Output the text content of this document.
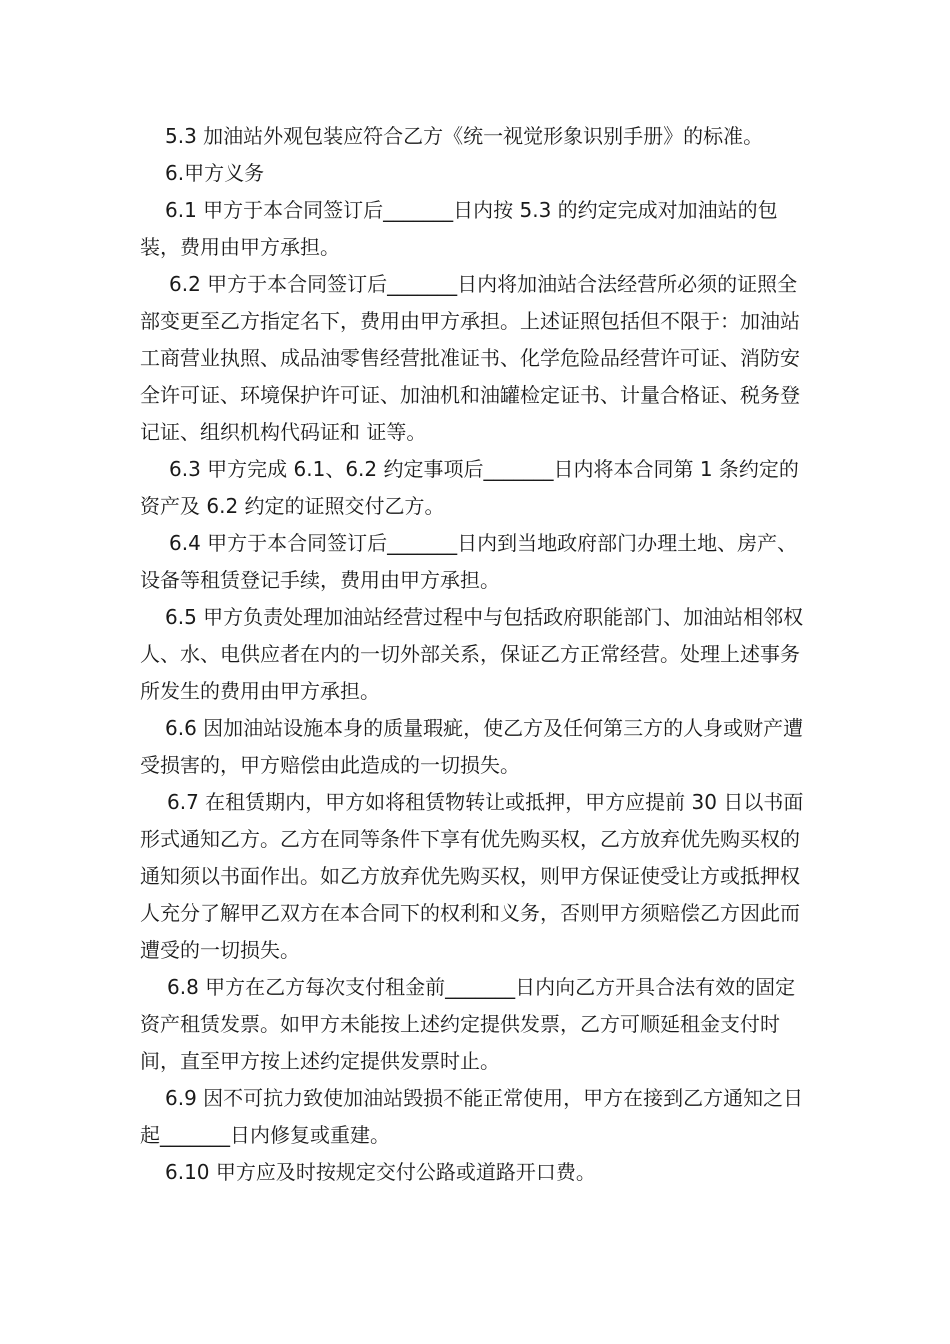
5.3 加油站外观包装应符合乙方《统一视觉形象识别手册》的标准。

6.甲方义务

6.1 甲方于本合同签订后_______日内按 5.3 的约定完成对加油站的包装，费用由甲方承担。

6.2 甲方于本合同签订后_______日内将加油站合法经营所必须的证照全部变更至乙方指定名下，费用由甲方承担。上述证照包括但不限于：加油站工商营业执照、成品油零售经营批准证书、化学危险品经营许可证、消防安全许可证、环境保护许可证、加油机和油罐检定证书、计量合格证、税务登记证、组织机构代码证和 证等。

6.3 甲方完成 6.1、6.2 约定事项后_______日内将本合同第 1 条约定的资产及 6.2 约定的证照交付乙方。

6.4 甲方于本合同签订后_______日内到当地政府部门办理土地、房产、设备等租赁登记手续，费用由甲方承担。

6.5 甲方负责处理加油站经营过程中与包括政府职能部门、加油站相邻权人、水、电供应者在内的一切外部关系，保证乙方正常经营。处理上述事务所发生的费用由甲方承担。

6.6 因加油站设施本身的质量瑕疵，使乙方及任何第三方的人身或财产遭受损害的，甲方赔偿由此造成的一切损失。

6.7 在租赁期内，甲方如将租赁物转让或抵押，甲方应提前 30 日以书面形式通知乙方。乙方在同等条件下享有优先购买权，乙方放弃优先购买权的通知须以书面作出。如乙方放弃优先购买权，则甲方保证使受让方或抵押权人充分了解甲乙双方在本合同下的权利和义务，否则甲方须赔偿乙方因此而遭受的一切损失。

6.8 甲方在乙方每次支付租金前_______日内向乙方开具合法有效的固定资产租赁发票。如甲方未能按上述约定提供发票，乙方可顺延租金支付时间，直至甲方按上述约定提供发票时止。

6.9 因不可抗力致使加油站毁损不能正常使用，甲方在接到乙方通知之日起_______日内修复或重建。

6.10 甲方应及时按规定交付公路或道路开口费。
